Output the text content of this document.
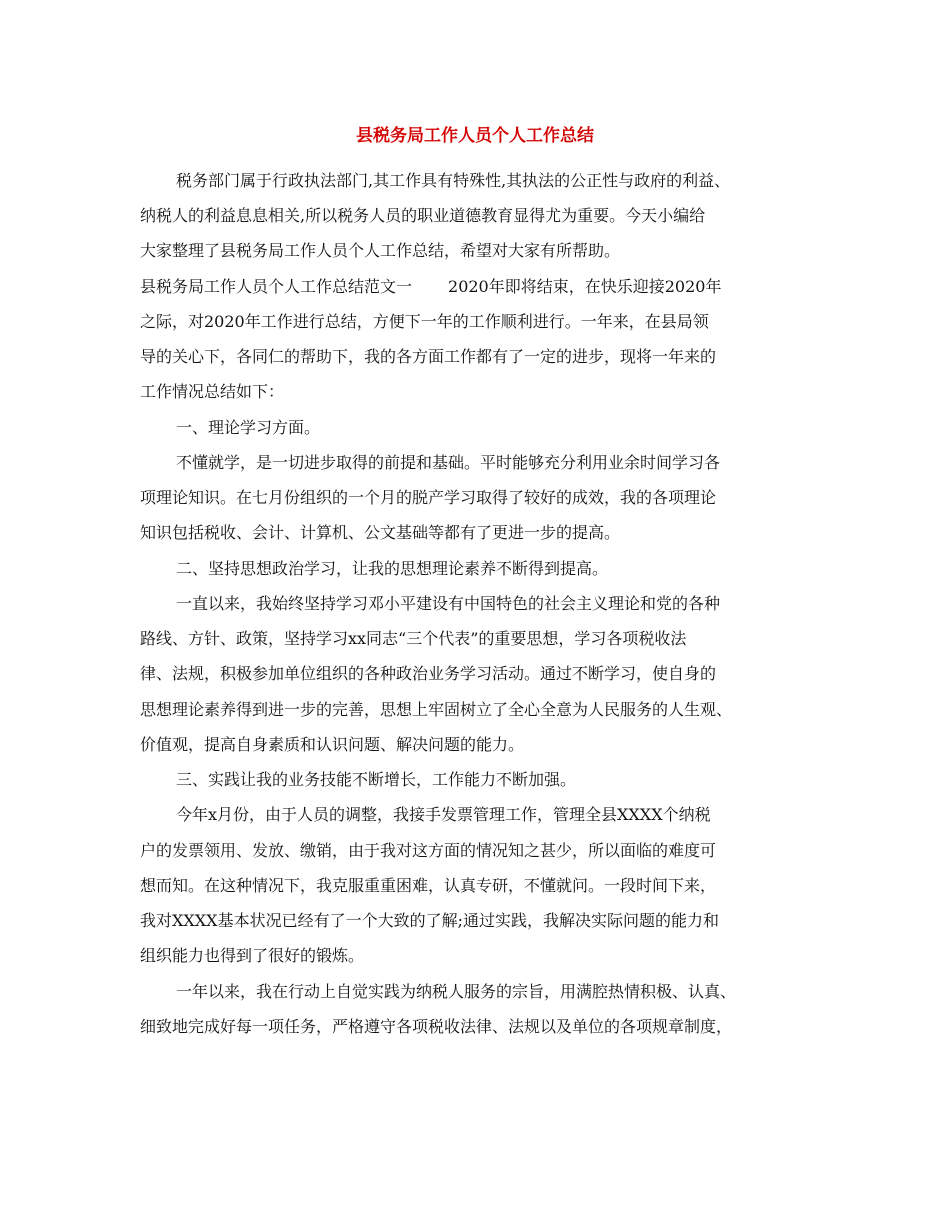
县税务局工作人员个人工作总结
税务部门属于行政执法部门,其工作具有特殊性,其执法的公正性与政府的利益、
纳税人的利益息息相关,所以税务人员的职业道德教育显得尤为重要。今天小编给
大家整理了县税务局工作人员个人工作总结，希望对大家有所帮助。
县税务局工作人员个人工作总结范文一 2020年即将结束，在快乐迎接2020年
之际，对2020年工作进行总结，方便下一年的工作顺利进行。一年来，在县局领
导的关心下，各同仁的帮助下，我的各方面工作都有了一定的进步，现将一年来的
工作情况总结如下：
一、理论学习方面。
不懂就学，是一切进步取得的前提和基础。平时能够充分利用业余时间学习各
项理论知识。在七月份组织的一个月的脱产学习取得了较好的成效，我的各项理论
知识包括税收、会计、计算机、公文基础等都有了更进一步的提高。
二、坚持思想政治学习，让我的思想理论素养不断得到提高。
一直以来，我始终坚持学习邓小平建设有中国特色的社会主义理论和党的各种
路线、方针、政策，坚持学习xx同志“三个代表”的重要思想，学习各项税收法
律、法规，积极参加单位组织的各种政治业务学习活动。通过不断学习，使自身的
思想理论素养得到进一步的完善，思想上牢固树立了全心全意为人民服务的人生观、
价值观，提高自身素质和认识问题、解决问题的能力。
三、实践让我的业务技能不断增长，工作能力不断加强。
今年x月份，由于人员的调整，我接手发票管理工作，管理全县XXXX个纳税
户的发票领用、发放、缴销，由于我对这方面的情况知之甚少，所以面临的难度可
想而知。在这种情况下，我克服重重困难，认真专研，不懂就问。一段时间下来，
我对XXXX基本状况已经有了一个大致的了解;通过实践，我解决实际问题的能力和
组织能力也得到了很好的锻炼。
一年以来，我在行动上自觉实践为纳税人服务的宗旨，用满腔热情积极、认真、
细致地完成好每一项任务，严格遵守各项税收法律、法规以及单位的各项规章制度，
